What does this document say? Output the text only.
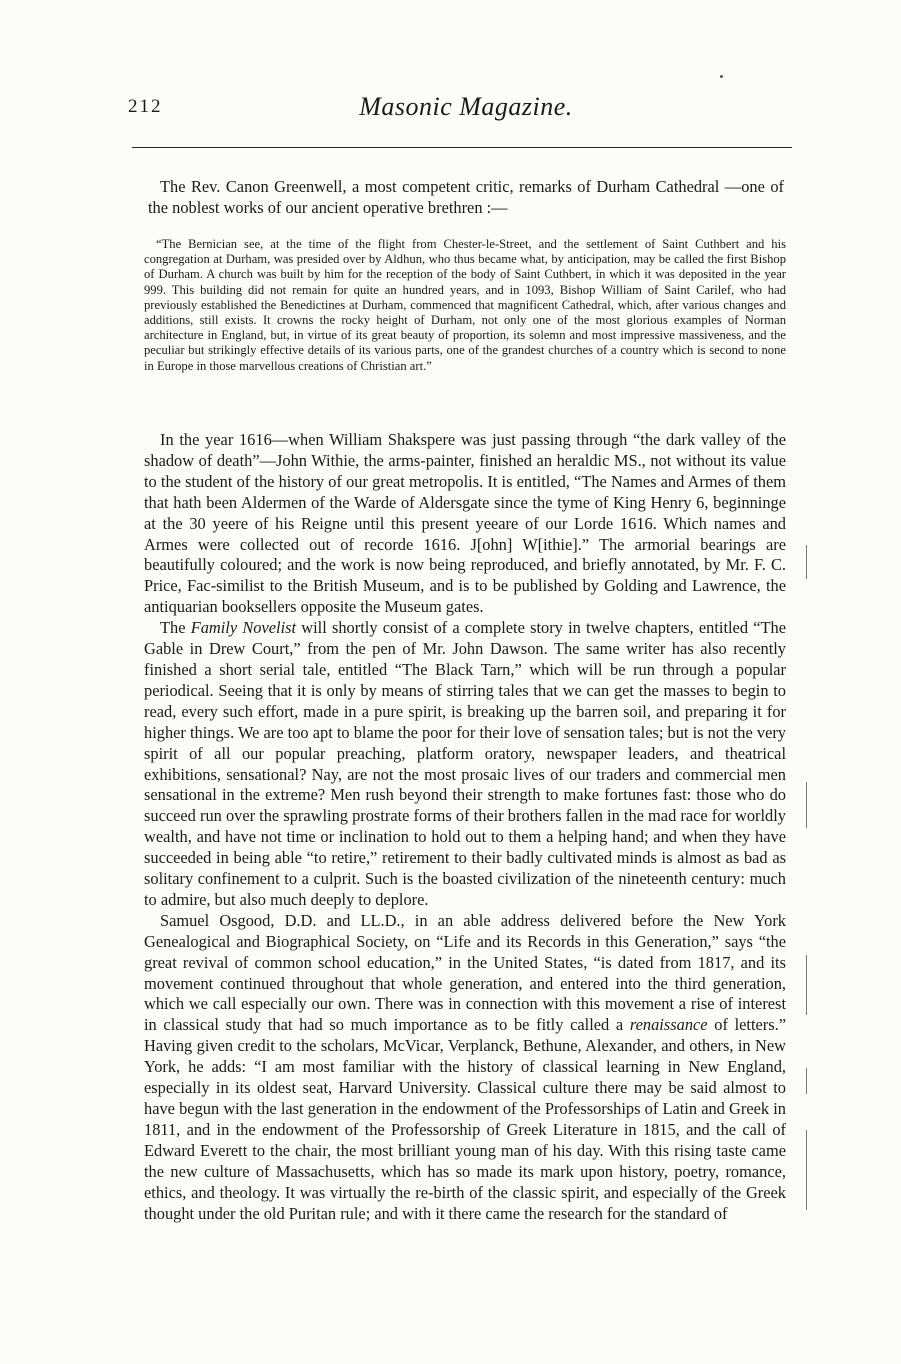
212	Masonic Magazine.
The Rev. Canon Greenwell, a most competent critic, remarks of Durham Cathedral —one of the noblest works of our ancient operative brethren :—
“The Bernician see, at the time of the flight from Chester-le-Street, and the settlement of Saint Cuthbert and his congregation at Durham, was presided over by Aldhun, who thus became what, by anticipation, may be called the first Bishop of Durham. A church was built by him for the reception of the body of Saint Cuthbert, in which it was deposited in the year 999. This building did not remain for quite an hundred years, and in 1093, Bishop William of Saint Carilef, who had previously established the Benedictines at Durham, commenced that magnificent Cathedral, which, after various changes and additions, still exists. It crowns the rocky height of Durham, not only one of the most glorious examples of Norman architecture in England, but, in virtue of its great beauty of proportion, its solemn and most impressive massiveness, and the peculiar but strikingly effective details of its various parts, one of the grandest churches of a country which is second to none in Europe in those marvellous creations of Christian art.”

In the year 1616—when William Shakspere was just passing through “the dark valley of the shadow of death”—John Withie, the arms-painter, finished an heraldic MS., not without its value to the student of the history of our great metropolis. It is entitled, “The Names and Armes of them that hath been Aldermen of the Warde of Aldersgate since the tyme of King Henry 6, beginninge at the 30 yeere of his Reigne until this present yeeare of our Lorde 1616. Which names and Armes were collected out of recorde 1616. J[ohn] W[ithie].” The armorial bearings are beautifully coloured; and the work is now being reproduced, and briefly annotated, by Mr. F. C. Price, Fac-similist to the British Museum, and is to be published by Golding and Lawrence, the antiquarian booksellers opposite the Museum gates.

The Family Novelist will shortly consist of a complete story in twelve chapters, entitled “The Gable in Drew Court,” from the pen of Mr. John Dawson. The same writer has also recently finished a short serial tale, entitled “The Black Tarn,” which will be run through a popular periodical. Seeing that it is only by means of stirring tales that we can get the masses to begin to read, every such effort, made in a pure spirit, is breaking up the barren soil, and preparing it for higher things. We are too apt to blame the poor for their love of sensation tales; but is not the very spirit of all our popular preaching, platform oratory, newspaper leaders, and theatrical exhibitions, sensational? Nay, are not the most prosaic lives of our traders and commercial men sensational in the extreme? Men rush beyond their strength to make fortunes fast: those who do succeed run over the sprawling prostrate forms of their brothers fallen in the mad race for worldly wealth, and have not time or inclination to hold out to them a helping hand; and when they have succeeded in being able “to retire,” retirement to their badly cultivated minds is almost as bad as solitary confinement to a culprit. Such is the boasted civilization of the nineteenth century: much to admire, but also much deeply to deplore.

Samuel Osgood, D.D. and LL.D., in an able address delivered before the New York Genealogical and Biographical Society, on “Life and its Records in this Generation,” says “the great revival of common school education,” in the United States, “is dated from 1817, and its movement continued throughout that whole generation, and entered into the third generation, which we call especially our own. There was in connection with this movement a rise of interest in classical study that had so much importance as to be fitly called a renaissance of letters.” Having given credit to the scholars, McVicar, Verplanck, Bethune, Alexander, and others, in New York, he adds: “I am most familiar with the history of classical learning in New England, especially in its oldest seat, Harvard University. Classical culture there may be said almost to have begun with the last generation in the endowment of the Professorships of Latin and Greek in 1811, and in the endowment of the Professorship of Greek Literature in 1815, and the call of Edward Everett to the chair, the most brilliant young man of his day. With this rising taste came the new culture of Massachusetts, which has so made its mark upon history, poetry, romance, ethics, and theology. It was virtually the re-birth of the classic spirit, and especially of the Greek thought under the old Puritan rule; and with it there came the research for the standard of
